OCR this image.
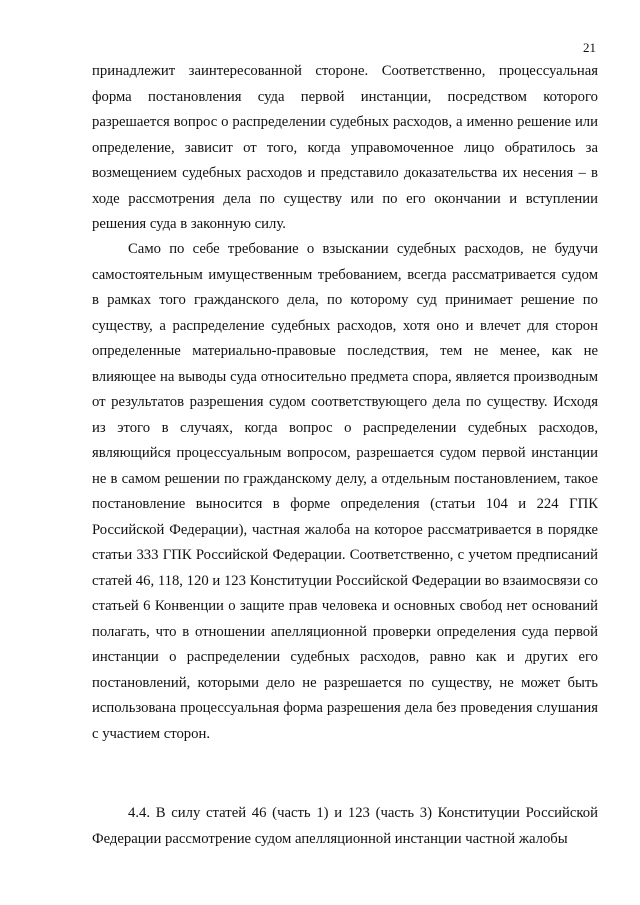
21

принадлежит заинтересованной стороне. Соответственно, процессуальная форма постановления суда первой инстанции, посредством которого разрешается вопрос о распределении судебных расходов, а именно решение или определение, зависит от того, когда управомоченное лицо обратилось за возмещением судебных расходов и представило доказательства их несения – в ходе рассмотрения дела по существу или по его окончании и вступлении решения суда в законную силу.

Само по себе требование о взыскании судебных расходов, не будучи самостоятельным имущественным требованием, всегда рассматривается судом в рамках того гражданского дела, по которому суд принимает решение по существу, а распределение судебных расходов, хотя оно и влечет для сторон определенные материально-правовые последствия, тем не менее, как не влияющее на выводы суда относительно предмета спора, является производным от результатов разрешения судом соответствующего дела по существу. Исходя из этого в случаях, когда вопрос о распределении судебных расходов, являющийся процессуальным вопросом, разрешается судом первой инстанции не в самом решении по гражданскому делу, а отдельным постановлением, такое постановление выносится в форме определения (статьи 104 и 224 ГПК Российской Федерации), частная жалоба на которое рассматривается в порядке статьи 333 ГПК Российской Федерации. Соответственно, с учетом предписаний статей 46, 118, 120 и 123 Конституции Российской Федерации во взаимосвязи со статьей 6 Конвенции о защите прав человека и основных свобод нет оснований полагать, что в отношении апелляционной проверки определения суда первой инстанции о распределении судебных расходов, равно как и других его постановлений, которыми дело не разрешается по существу, не может быть использована процессуальная форма разрешения дела без проведения слушания с участием сторон.

4.4. В силу статей 46 (часть 1) и 123 (часть 3) Конституции Российской Федерации рассмотрение судом апелляционной инстанции частной жалобы
